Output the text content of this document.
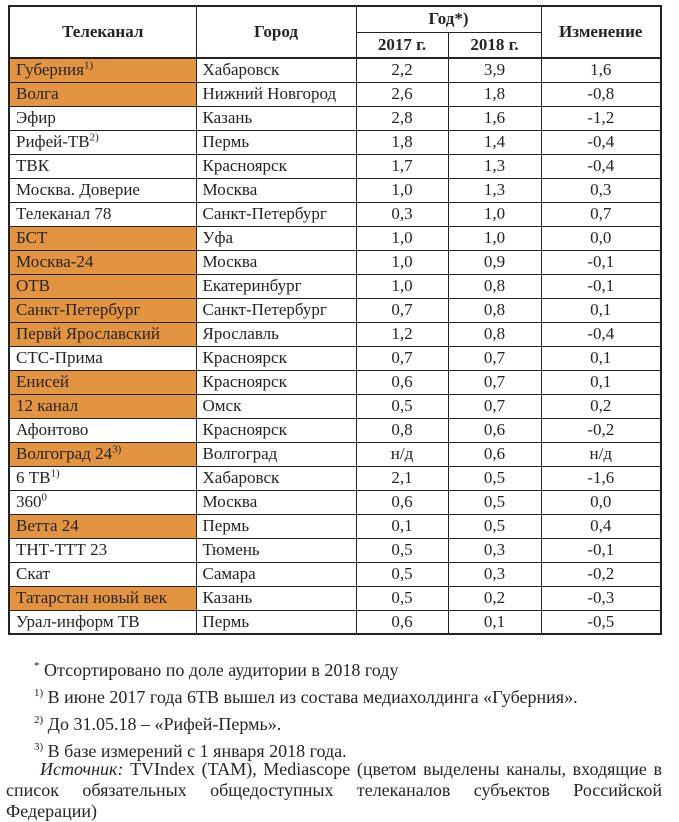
Телеканал	Город	Год*)		Изменение
		2017 г.	2018 г.	
Губерния$^{1)}$	Хабаровск	2,2	3,9	1,6
Волга	Нижний Новгород	2,6	1,8	-0,8
Эфир	Казань	2,8	1,6	-1,2
Рифей-ТВ$^{2)}$	Пермь	1,8	1,4	-0,4
ТВК	Красноярск	1,7	1,3	-0,4
Москва. Доверие	Москва	1,0	1,3	0,3
Телеканал 78	Санкт-Петербург	0,3	1,0	0,7
БСТ	Уфа	1,0	1,0	0,0
Москва-24	Москва	1,0	0,9	-0,1
ОТВ	Екатеринбург	1,0	0,8	-0,1
Санкт-Петербург	Санкт-Петербург	0,7	0,8	0,1
Первй Ярославский	Ярославль	1,2	0,8	-0,4
СТС-Прима	Красноярск	0,7	0,7	0,1
Енисей	Красноярск	0,6	0,7	0,1
12 канал	Омск	0,5	0,7	0,2
Афонтово	Красноярск	0,8	0,6	-0,2
Волгоград 24$^{3)}$	Волгоград	н/д	0,6	н/д
6 ТВ$^{1)}$	Хабаровск	2,1	0,5	-1,6
$360^0$	Москва	0,6	0,5	0,0
Ветта 24	Пермь	0,1	0,5	0,4
ТНТ-ТТТ 23	Тюмень	0,5	0,3	-0,1
Скат	Самара	0,5	0,3	-0,2
Татарстан новый век	Казань	0,5	0,2	-0,3
Урал-информ ТВ	Пермь	0,6	0,1	-0,5
* Отсортировано по доле аудитории в 2018 году
$^{1)}$ В июне 2017 года 6ТВ вышел из состава медиахолдинга «Губерния».
$^{2)}$ До 31.05.18 – «Рифей-Пермь».
$^{3)}$ В базе измерений с 1 января 2018 года.

Источник: TVIndex (TAM), Mediascope (цветом выделены каналы, входящие в список обязательных общедоступных телеканалов субъектов Российской Федерации)
